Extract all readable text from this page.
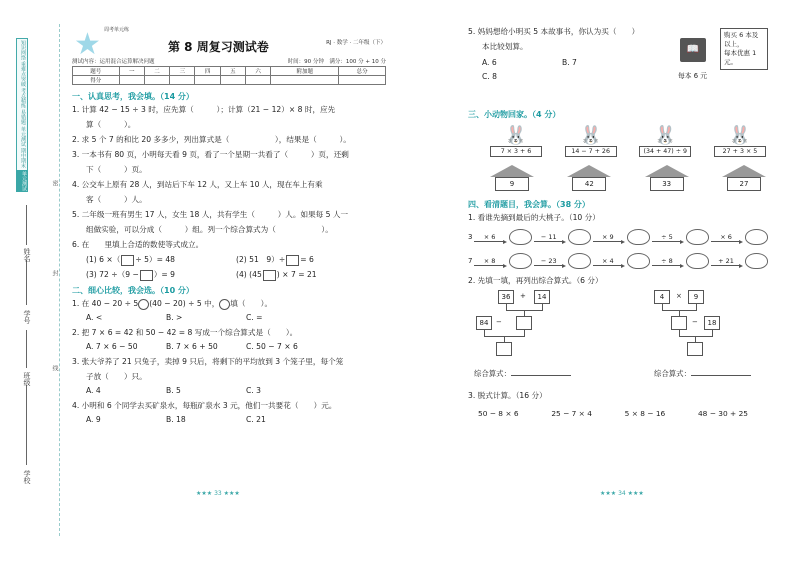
知识网络 重难点突破 考点精练 易错题 单元测试 期中期末
单元测试
学校
班级
学号
姓名
密
封
线
★ 周考单元练
第 8 周复习测试卷	RJ · 数学 · 二年级（下）
测试内容：运用混合运算解决问题	时间：90 分钟　满分：100 分 + 10 分
题号	一	二	三	四	五	六	附加题	总分
得分								
一、认真思考，我会填。（14 分）
1. 计算 42 − 15 ÷ 3 时，应先算（　　　）；计算（21 − 12）× 8 时，应先
算（　　　）。
2. 求 5 个 7 的和比 20 多多少，列出算式是（　　　　　　），结果是（　　　）。
3. 一本书有 80 页，小明每天看 9 页，看了一个星期一共看了（　　　）页，还剩
下（　　　）页。
4. 公交车上原有 28 人，到站后下车 12 人，又上车 10 人，现在车上有乘
客（　　　）人。
5. 二年级一班有男生 17 人，女生 18 人，共有学生（　　　）人。如果每 5 人一
组做实验，可以分成（　　　）组。列一个综合算式为（　　　　　　）。
6. 在　　里填上合适的数使等式成立。
(1) 6 ×（ ÷ 5）= 48	(2) 51　9）÷ = 6
(3) 72 ÷（9 − ）= 9	(4) (45 ) × 7 = 21
二、细心比较，我会选。（10 分）
1. 在 40 − 20 ÷ 5 (40 − 20) ÷ 5 中， 填（　　）。
A. <	B. >	C. =
2. 把 7 × 6 = 42 和 50 − 42 = 8 写成一个综合算式是（　　）。
A. 7 × 6 − 50	B. 7 × 6 + 50	C. 50 − 7 × 6
3. 张大爷养了 21 只兔子，卖掉 9 只后，将剩下的平均放到 3 个笼子里，每个笼
子放（　　）只。
A. 4	B. 5	C. 3
4. 小明和 6 个同学去买矿泉水，每瓶矿泉水 3 元，他们一共要花（　　）元。
A. 9	B. 18	C. 21
★★★ 33 ★★★
5. 妈妈想给小明买 5 本故事书，你认为买（　　）
本比较划算。
A. 6	B. 7
C. 8
📖
购买 6 本及以上，
每本优惠 1 元。
每本 6 元
三、小动物回家。（4 分）
🐰
7 × 3 + 6
🐰
14 − 7 + 26
🐰
(34 + 47) ÷ 9
🐰
27 + 3 × 5
9	42	33	27
四、看清题目，我会算。（38 分）
1. 看谁先摘到最后的大桃子。（10 分）
3	× 6	− 11	× 9	÷ 5	× 6
7	× 8	− 23	× 4	÷ 8	+ 21
2. 先填一填，再列出综合算式。（6 分）
36	+	14
84	−
综合算式：
4	×	9
−	18
综合算式：
3. 脱式计算。（16 分）
50 − 8 × 6	25 − 7 × 4	5 × 8 − 16	48 − 30 + 25
★★★ 34 ★★★
